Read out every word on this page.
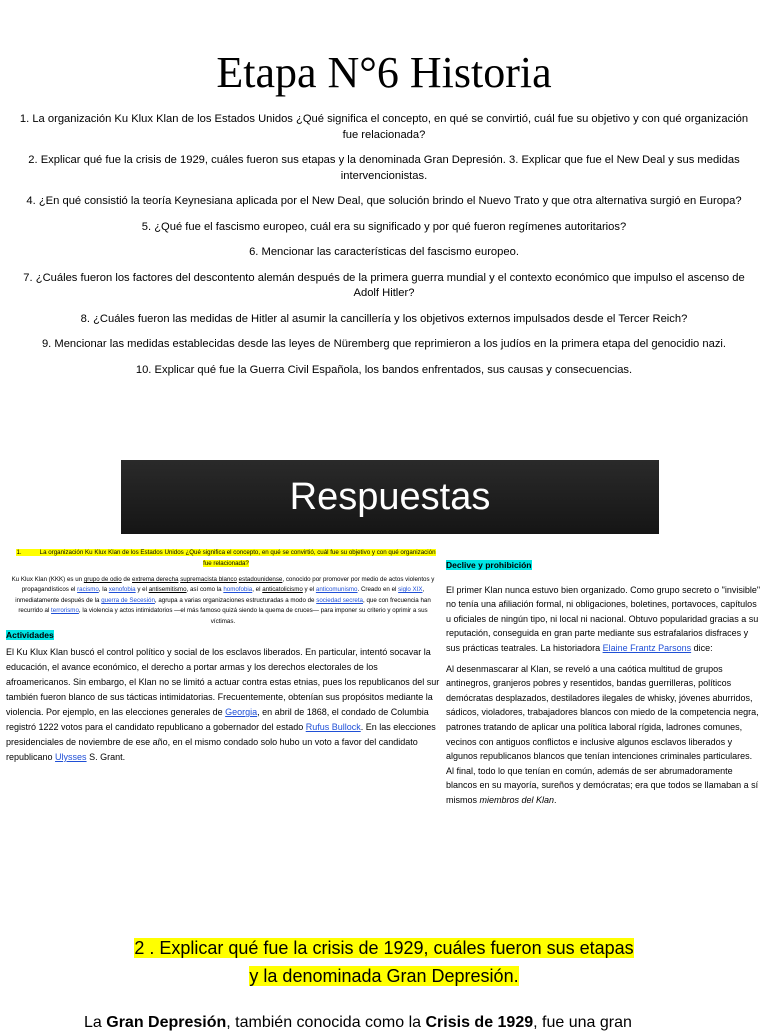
Etapa N°6 Historia

1. La organización Ku Klux Klan de los Estados Unidos ¿Qué significa el concepto, en qué se convirtió, cuál fue su objetivo y con qué organización fue relacionada?

2. Explicar qué fue la crisis de 1929, cuáles fueron sus etapas y la denominada Gran Depresión. 3. Explicar que fue el New Deal y sus medidas intervencionistas.

4. ¿En qué consistió la teoría Keynesiana aplicada por el New Deal, que solución brindo el Nuevo Trato y que otra alternativa surgió en Europa?

5. ¿Qué fue el fascismo europeo, cuál era su significado y por qué fueron regímenes autoritarios?

6. Mencionar las características del fascismo europeo.

7. ¿Cuáles fueron los factores del descontento alemán después de la primera guerra mundial y el contexto económico que impulso el ascenso de Adolf Hitler?

8. ¿Cuáles fueron las medidas de Hitler al asumir la cancillería y los objetivos externos impulsados desde el Tercer Reich?

9. Mencionar las medidas establecidas desde las leyes de Nüremberg que reprimieron a los judíos en la primera etapa del genocidio nazi.

10. Explicar qué fue la Guerra Civil Española, los bandos enfrentados, sus causas y consecuencias.

Respuestas

1.	La organización Ku Klux Klan de los Estados Unidos ¿Qué significa el concepto, en qué se convirtió, cuál fue su objetivo y con qué organización fue relacionada?

Ku Klux Klan (KKK) es un grupo de odio de extrema derecha supremacista blanco estadounidense, conocido por promover por medio de actos violentos y propagandísticos el racismo, la xenofobia y el antisemitismo, así como la homofobia, el anticatolicismo y el anticomunismo. Creado en el siglo XIX, inmediatamente después de la guerra de Secesión, agrupa a varias organizaciones estructuradas a modo de sociedad secreta, que con frecuencia han recurrido al terrorismo, la violencia y actos intimidatorios —el más famoso quizá siendo la quema de cruces— para imponer su criterio y oprimir a sus víctimas.

Actividades

El Ku Klux Klan buscó el control político y social de los esclavos liberados. En particular, intentó socavar la educación, el avance económico, el derecho a portar armas y los derechos electorales de los afroamericanos. Sin embargo, el Klan no se limitó a actuar contra estas etnias, pues los republicanos del sur también fueron blanco de sus tácticas intimidatorias. Frecuentemente, obtenían sus propósitos mediante la violencia. Por ejemplo, en las elecciones generales de Georgia, en abril de 1868, el condado de Columbia registró 1222 votos para el candidato republicano a gobernador del estado Rufus Bullock. En las elecciones presidenciales de noviembre de ese año, en el mismo condado solo hubo un voto a favor del candidato republicano Ulysses S. Grant.

Declive y prohibición

El primer Klan nunca estuvo bien organizado. Como grupo secreto o "invisible" no tenía una afiliación formal, ni obligaciones, boletines, portavoces, capítulos u oficiales de ningún tipo, ni local ni nacional. Obtuvo popularidad gracias a su reputación, conseguida en gran parte mediante sus estrafalarios disfraces y sus prácticas teatrales. La historiadora Elaine Frantz Parsons dice:

Al desenmascarar al Klan, se reveló a una caótica multitud de grupos antinegros, granjeros pobres y resentidos, bandas guerrilleras, políticos demócratas desplazados, destiladores ilegales de whisky, jóvenes aburridos, sádicos, violadores, trabajadores blancos con miedo de la competencia negra, patrones tratando de aplicar una política laboral rígida, ladrones comunes, vecinos con antiguos conflictos e inclusive algunos esclavos liberados y algunos republicanos blancos que tenían intenciones criminales particulares. Al final, todo lo que tenían en común, además de ser abrumadoramente blancos en su mayoría, sureños y demócratas; era que todos se llamaban a sí mismos miembros del Klan.

2 . Explicar qué fue la crisis de 1929, cuáles fueron sus etapas
y la denominada Gran Depresión.
La Gran Depresión, también conocida como la Crisis de 1929, fue una gran
